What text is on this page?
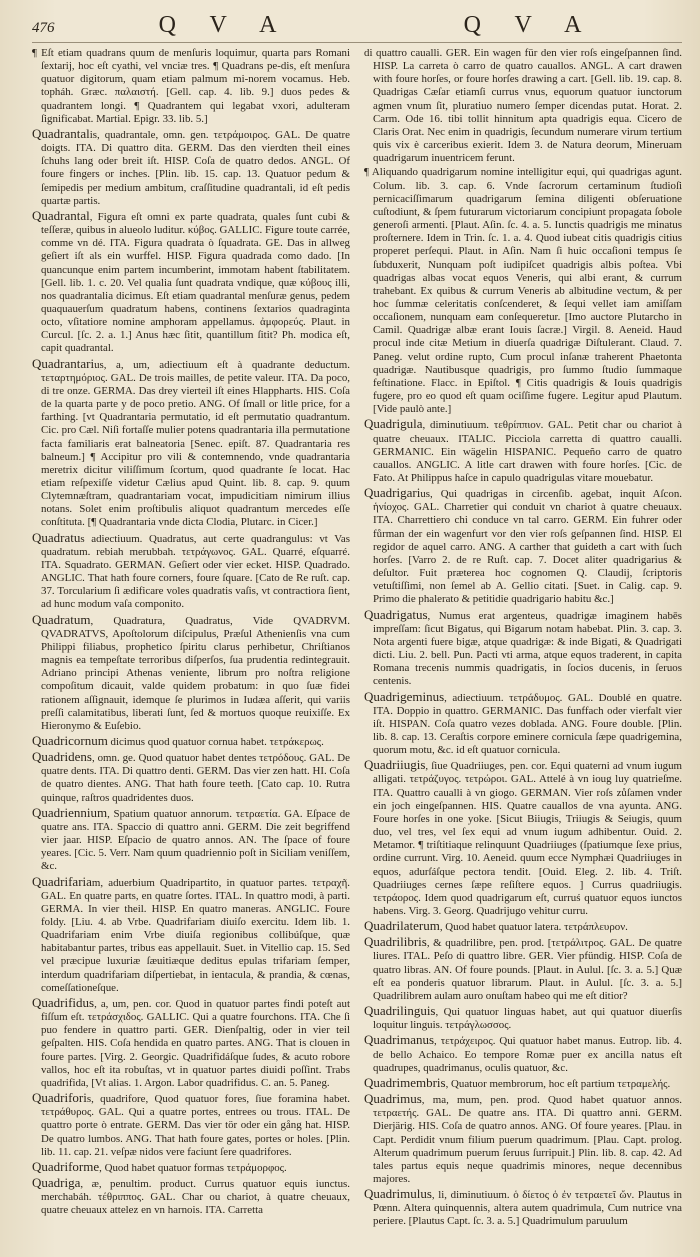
476	Q V A	Q V A

¶ Eſt etiam quadrans quum de menſuris loquimur, quarta pars Romani ſextarij, hoc eſt cyathi, vel vnciæ tres. ¶ Quadrans pe-dis, eſt menſura quatuor digitorum, quam etiam palmum mi-norem vocamus. Heb. topháh. Græc. παλαιστή. [Gell. cap. 4. lib. 9.] duos pedes & quadrantem longi. ¶ Quadrantem qui legabat vxori, adulteram ſignificabat. Martial. Epigr. 33. lib. 5.]

Quadrantalis, quadrantale, omn. gen. τετράμοιρος. GAL. De quatre doigts. ITA. Di quattro dita. GERM. Das den vierdten theil eines ſchuhs lang oder breit iſt. HISP. Coſa de quatro dedos. ANGL. Of foure fingers or inches. [Plin. lib. 15. cap. 13. Quatuor pedum & ſemipedis per medium ambitum, craſſitudine quadrantali, id eſt pedis quartæ partis.

Quadrantal, Figura eſt omni ex parte quadrata, quales ſunt cubi & teſſeræ, quibus in alueolo luditur. κύβος. GALLIC. Figure toute carrée, comme vn dé. ITA. Figura quadrata ò ſquadrata. GE. Das in allweg geſiert iſt als ein wurffel. HISP. Figura quadrada como dado. [In quancunque enim partem incumberint, immotam habent ſtabilitatem. [Gell. lib. 1. c. 20. Vel qualia ſunt quadrata vndique, quæ κύβους illi, nos quadrantalia dicimus. Eſt etiam quadrantal menſuræ genus, pedem quaquauerſum quadratum habens, continens ſextarios quadraginta octo, vſitatiore nomine amphoram appellamus. ἀμφορεύς. Plaut. in Curcul. [ſc. 2. a. 1.] Anus hæc ſitit, quantillum ſitit? Ph. modica eſt, capit quadrantal.

Quadrantarius, a, um, adiectiuum eſt à quadrante deductum. τεταρτημόριος. GAL. De trois mailles, de petite valeur. ITA. Da poco, di tre onze. GERMA. Das drey vierteil iſt eines Hlappharts. HIS. Coſa de la quarta parte y de poco pretio. ANG. Of ſmall or litle price, for a farthing. [vt Quadrantaria permutatio, id eſt permutatio quadrantum. Cic. pro Cæl. Niſi fortaſſe mulier potens quadrantaria illa permutatione facta familiaris erat balneatoria [Senec. epiſt. 87. Quadrantaria res balneum.] ¶ Accipitur pro vili & contemnendo, vnde quadrantaria meretrix dicitur viliſſimum ſcortum, quod quadrante ſe locat. Hac etiam reſpexiſſe videtur Cælius apud Quint. lib. 8. cap. 9. quum Clytemnæſtram, quadrantariam vocat, impudicitiam nimirum illius notans. Solet enim proſtibulis aliquot quadrantum mercedes eſſe conſtituta. [¶ Quadrantaria vnde dicta Clodia, Plutarc. in Cicer.]

Quadratus adiectiuum. Quadratus, aut certe quadrangulus: vt Vas quadratum. rebiah merubbah. τετράγωνος. GAL. Quarré, eſquarré. ITA. Squadrato. GERMAN. Geſiert oder vier ecket. HISP. Quadrado. ANGLIC. That hath foure corners, foure ſquare. [Cato de Re ruſt. cap. 37. Torcularium ſi ædificare voles quadratis vaſis, vt contractiora ſient, ad hunc modum vaſa componito.

Quadratum, Quadratura, Quadratus, Vide QVADRVM. QVADRATVS, Apoſtolorum diſcipulus, Præſul Athenienſis vna cum Philippi filiabus, prophetico ſpiritu clarus perhibetur, Chriſtianos magnis ea tempeſtate terroribus diſperſos, ſua prudentia redintegrauit. Adriano principi Athenas veniente, librum pro noſtra religione compoſitum dicauit, valde quidem probatum: in quo ſuæ fidei rationem aſſignauit, idemque ſe plurimos in Iudæa aſſerit, qui variis preſſi calamitatibus, liberati ſunt, ſed & mortuos quoque reuixiſſe. Ex Hieronymo & Euſebio.

Quadricornum dicimus quod quatuor cornua habet. τετράκερως.

Quadridens, omn. ge. Quod quatuor habet dentes τετρόδους. GAL. De quatre dents. ITA. Di quattro denti. GERM. Das vier zen hatt. HI. Coſa de quatro dientes. ANG. That hath foure teeth. [Cato cap. 10. Rutra quinque, raſtros quadridentes duos.

Quadriennium, Spatium quatuor annorum. τετραετία. GA. Eſpace de quatre ans. ITA. Spaccio di quattro anni. GERM. Die zeit begriffend vier jaar. HISP. Eſpacio de quatro annos. AN. The ſpace of foure yeares. [Cic. 5. Verr. Nam quum quadriennio poſt in Siciliam veniſſem, &c.

Quadrifariam, aduerbium Quadripartito, in quatuor partes. τετραχῆ. GAL. En quatre parts, en quatre ſortes. ITAL. In quattro modi, à parti. GERMA. In vier theil. HISP. En quatro maneras. ANGLIC. Foure foldy. [Liu. 4. ab Vrbe. Quadrifariam diuiſo exercitu. Idem lib. 1. Quadrifariam enim Vrbe diuiſa regionibus collibúſque, quæ habitabantur partes, tribus eas appellauit. Suet. in Vitellio cap. 15. Sed vel præcipue luxuriæ ſæuitiæque deditus epulas trifariam ſemper, interdum quadrifariam diſpertiebat, in ientacula, & prandia, & cœnas, comeſſationeſque.

Quadrifidus, a, um, pen. cor. Quod in quatuor partes findi poteſt aut fiſſum eſt. τετράσχιδος. GALLIC. Qui a quatre fourchons. ITA. Che ſi puo fendere in quattro parti. GER. Dienſpaltig, oder in vier teil geſpalten. HIS. Coſa hendida en quatro partes. ANG. That is clouen in foure partes. [Virg. 2. Georgic. Quadrifidáſque ſudes, & acuto robore vallos, hoc eſt ita robuſtas, vt in quatuor partes diuidi poſſint. Trabs quadrifida, [Vt alias. 1. Argon. Labor quadrifidus. C. an. 5. Paneg.

Quadriforis, quadrifore, Quod quatuor fores, ſiue foramina habet. τετράθυρος. GAL. Qui a quatre portes, entrees ou trous. ITAL. De quattro porte ò entrate. GERM. Das vier tör oder ein gång hat. HISP. De quatro lumbos. ANG. That hath foure gates, portes or holes. [Plin. lib. 11. cap. 21. veſpæ nidos vere faciunt ſere quadrifores.

Quadriforme, Quod habet quatuor formas τετράμορφος.

Quadriga, æ, penultim. product. Currus quatuor equis iunctus. merchabáh. τέθριππος. GAL. Char ou chariot, à quatre cheuaux, quatre cheuaux attelez en vn harnois. ITA. Carretta

di quattro caualli. GER. Ein wagen für den vier roſs eingeſpannen ſind. HISP. La carreta ò carro de quatro cauallos. ANGL. A cart drawen with foure horſes, or foure horſes drawing a cart. [Gell. lib. 19. cap. 8. Quadrigas Cæſar etiamſi currus vnus, equorum quatuor iunctorum agmen vnum ſit, pluratiuo numero ſemper dicendas putat. Horat. 2. Carm. Ode 16. tibi tollit hinnitum apta quadrigis equa. Cicero de Claris Orat. Nec enim in quadrigis, ſecundum numerare virum tertium quis vix è carceribus exierit. Idem 3. de Natura deorum, Mineruam quadrigarum inuentricem ferunt.

¶ Aliquando quadrigarum nomine intelligitur equi, qui quadrigas agunt. Colum. lib. 3. cap. 6. Vnde ſacrorum certaminum ſtudioſi pernicaciſſimarum quadrigarum ſemina diligenti obſeruatione cuſtodiunt, & ſpem futurarum victoriarum concipiunt propagata ſobole generoſi armenti. [Plaut. Aſin. ſc. 4. a. 5. Iunctis quadrigis me minatus proſternere. Idem in Trin. ſc. 1. a. 4. Quod iubeat citis quadrigis citius properet perſequi. Plaut. in Aſin. Nam ſi huic occaſioni tempus ſe ſubduxerit, Nunquam poſt iudipiſcet quadrigis albis poſtea. Vbi quadrigas albas vocat equos Veneris, qui albi erant, & currum trahebant. Ex quibus & currum Veneris ab albitudine vectum, & per hoc ſummæ celeritatis conſcenderet, & ſequi vellet iam amiſſam occaſionem, nunquam eam conſequeretur. [Imo auctore Plutarcho in Camil. Quadrigæ albæ erant Iouis ſacræ.] Virgil. 8. Aeneid. Haud procul inde citæ Metium in diuerſa quadrigæ Diſtulerant. Claud. 7. Paneg. velut ordine rupto, Cum procul inſanæ traherent Phaetonta quadrigæ. Nautibusque quadrigis, pro ſummo ſtudio ſummaque feſtinatione. Flacc. in Epiſtol. ¶ Citis quadrigis & Iouis quadrigis fugere, pro eo quod eſt quam ociſſime fugere. Legitur apud Plautum. [Vide paulò ante.]

Quadrigula, diminutiuum. τεθρίππιον. GAL. Petit char ou chariot à quatre cheuaux. ITALIC. Picciola carretta di quattro caualli. GERMANIC. Ein wägelin HISPANIC. Pequeño carro de quatro cauallos. ANGLIC. A litle cart drawen with foure horſes. [Cic. de Fato. At Philippus haſce in capulo quadrigulas vitare mouebatur.

Quadrigarius, Qui quadrigas in circenſib. agebat, inquit Aſcon. ἡνίοχος. GAL. Charretier qui conduit vn chariot à quatre cheuaux. ITA. Charrettiero chi conduce vn tal carro. GERM. Ein fuhrer oder fůrman der ein wagenfurt vor den vier roſs geſpannen ſind. HISP. El regidor de aquel carro. ANG. A carther that guideth a cart with ſuch horſes. [Varro 2. de re Ruſt. cap. 7. Docet aliter quadrigarius & deſultor. Fuit præterea hoc cognomen Q. Claudij, ſcriptoris vetuſtiſſimi, non ſemel ab A. Gellio citati. [Suet. in Calig. cap. 9. Primo die phalerato & petitidie quadrigario habitu &c.]

Quadrigatus, Numus erat argenteus, quadrigæ imaginem habēs impreſſam: ſicut Bigatus, qui Bigarum notam habebat. Plin. 3. cap. 3. Nota argenti fuere bigæ, atque quadrigæ: & inde Bigati, & Quadrigati dicti. Liu. 2. bell. Pun. Pacti vti arma, atque equos traderent, in capita Romana trecenis nummis quadrigatis, in ſocios ducenis, in ſeruos centenis.

Quadrigeminus, adiectiuum. τετράδυμος. GAL. Doublé en quatre. ITA. Doppio in quattro. GERMANIC. Das funffach oder vierfalt vier iſt. HISPAN. Coſa quatro vezes doblada. ANG. Foure double. [Plin. lib. 8. cap. 13. Ceraſtis corpore eminere cornicula ſæpe quadrigemina, quorum motu, &c. id eſt quatuor cornicula.

Quadriiugis, ſiue Quadriiuges, pen. cor. Equi quaterni ad vnum iugum alligati. τετράζυγος. τετρώροι. GAL. Attelé à vn ioug luy quatrieſme. ITA. Quattro caualli à vn giogo. GERMAN. Vier roſs zůſamen vnder ein joch eingeſpannen. HIS. Quatre cauallos de vna ayunta. ANG. Foure horſes in one yoke. [Sicut Biiugis, Triiugis & Seiugis, quum duo, vel tres, vel ſex equi ad vnum iugum adhibentur. Ouid. 2. Metamor. ¶ triſtitiaque relinquunt Quadriiuges (ſpatiumque ſexe prius, ordine currunt. Virg. 10. Aeneid. quum ecce Nymphæi Quadriiuges in equos, adurſáſque pectora tendit. [Ouid. Eleg. 2. lib. 4. Triſt. Quadriiuges cernes ſæpe reſiſtere equos. ] Currus quadriiugis. τετράορος. Idem quod quadrigarum eſt, curruś quatuor equos iunctos habens. Virg. 3. Georg. Quadrijugo vehitur curru.

Quadrilaterum, Quod habet quatuor latera. τετράπλευρον.

Quadrilibris, & quadrilibre, pen. prod. [τετράλιτρος. GAL. De quatre liures. ITAL. Peſo di quattro libre. GER. Vier pfündig. HISP. Coſa de quatro libras. AN. Of foure pounds. [Plaut. in Aulul. [ſc. 3. a. 5.] Quæ eſt ea ponderis quatuor librarum. Plaut. in Aulul. [ſc. 3. a. 5.] Quadrilibrem aulam auro onuſtam habeo qui me eſt ditior?

Quadrilinguis, Qui quatuor linguas habet, aut qui quatuor diuerſis loquitur linguis. τετράγλωσσος.

Quadrimanus, τετράχειρος. Qui quatuor habet manus. Eutrop. lib. 4. de bello Achaico. Eo tempore Romæ puer ex ancilla natus eſt quadrupes, quadrimanus, oculis quatuor, &c.

Quadrimembris, Quatuor membrorum, hoc eſt partium τετραμελής.

Quadrimus, ma, mum, pen. prod. Quod habet quatuor annos. τετραετής. GAL. De quatre ans. ITA. Di quattro anni. GERM. Dierjärig. HIS. Coſa de quatro annos. ANG. Of foure yeares. [Plau. in Capt. Perdidit vnum filium puerum quadrimum. [Plau. Capt. prolog. Alterum quadrimum puerum ſeruus ſurripuit.] Plin. lib. 8. cap. 42. Ad tales partus equis neque quadrimis minores, neque decennibus majores.

Quadrimulus, li, diminutiuum. ὁ δίετος ὁ ἐν τετραετεῖ ὤν. Plautus in Pœnn. Altera quinquennis, altera autem quadrimula, Cum nutrice vna periere. [Plautus Capt. ſc. 3. a. 5.] Quadrimulum paruulum
